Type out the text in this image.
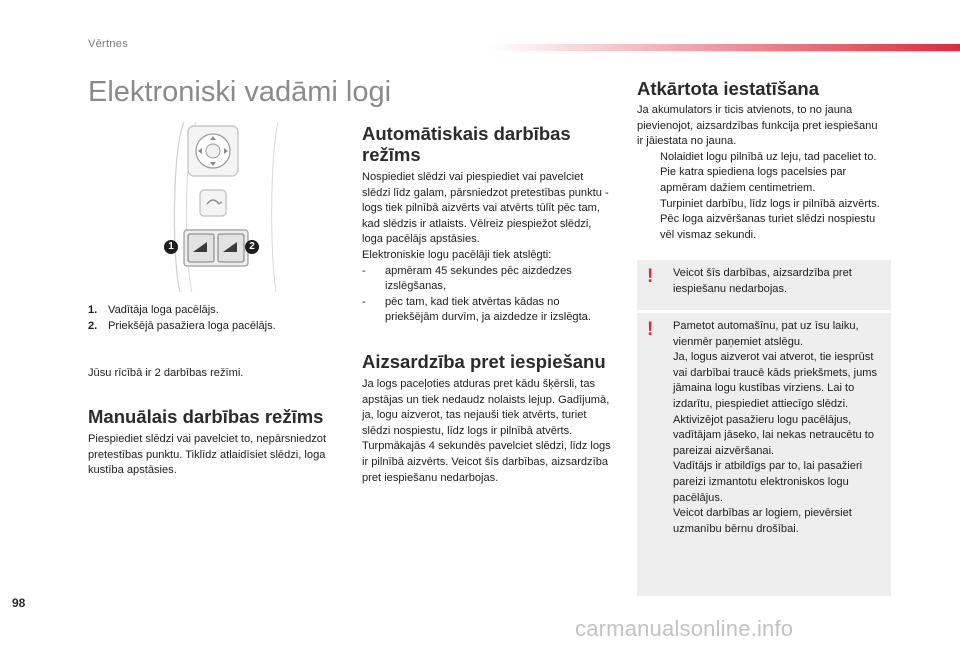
Vērtnes
Elektroniski vadāmi logi
1	2
1. Vadītāja loga pacēlājs.
2. Priekšējā pasažiera loga pacēlājs.

Jūsu rīcībā ir 2 darbības režīmi.

Manuālais darbības režīms

Piespiediet slēdzi vai pavelciet to, nepārsniedzot pretestības punktu. Tiklīdz atlaidīsiet slēdzi, loga kustība apstāsies.

Automātiskais darbības
režīms

Nospiediet slēdzi vai piespiediet vai pavelciet slēdzi līdz galam, pārsniedzot pretestības punktu - logs tiek pilnībā aizvērts vai atvērts tūlīt pēc tam, kad slēdzis ir atlaists. Vēlreiz piespiežot slēdzi, loga pacēlājs apstāsies.

Elektroniskie logu pacēlāji tiek atslēgti:

-	apmēram 45 sekundes pēc aizdedzes izslēgšanas,
-	pēc tam, kad tiek atvērtas kādas no priekšējām durvīm, ja aizdedze ir izslēgta.
Aizsardzība pret iespiešanu

Ja logs paceļoties atduras pret kādu šķērsli, tas apstājas un tiek nedaudz nolaists lejup. Gadījumā, ja, logu aizverot, tas nejauši tiek atvērts, turiet slēdzi nospiestu, līdz logs ir pilnībā atvērts. Turpmākajās 4 sekundēs pavelciet slēdzi, līdz logs ir pilnībā aizvērts. Veicot šīs darbības, aizsardzība pret iespiešanu nedarbojas.

Atkārtota iestatīšana

Ja akumulators ir ticis atvienots, to no jauna pievienojot, aizsardzības funkcija pret iespiešanu ir jāiestata no jauna.

Nolaidiet logu pilnībā uz leju, tad paceliet to. Pie katra spiediena logs pacelsies par apmēram dažiem centimetriem.
Turpiniet darbību, līdz logs ir pilnībā aizvērts.
Pēc loga aizvēršanas turiet slēdzi nospiestu vēl vismaz sekundi.
! Veicot šīs darbības, aizsardzība pret iespiešanu nedarbojas.

! Pametot automašīnu, pat uz īsu laiku, vienmēr paņemiet atslēgu.
Ja, logus aizverot vai atverot, tie iesprūst vai darbībai traucē kāds priekšmets, jums jāmaina logu kustības virziens. Lai to izdarītu, piespiediet attiecīgo slēdzi.
Aktivizējot pasažieru logu pacēlājus, vadītājam jāseko, lai nekas netraucētu to pareizai aizvēršanai.
Vadītājs ir atbildīgs par to, lai pasažieri pareizi izmantotu elektroniskos logu pacēlājus.
Veicot darbības ar logiem, pievērsiet uzmanību bērnu drošībai.

98
carmanualsonline.info
